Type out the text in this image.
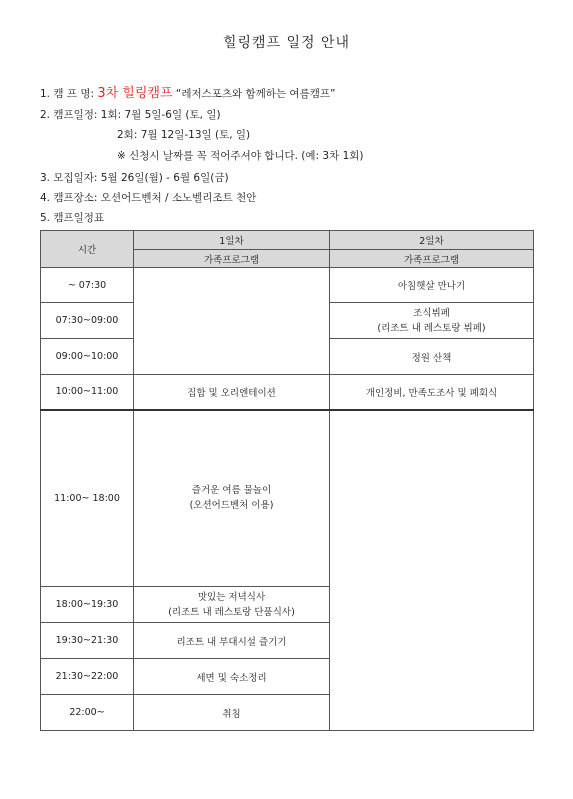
힐링캠프 일정 안내
1. 캠 프 명: 3차 힐링캠프 “레저스포츠와 함께하는 여름캠프”
2. 캠프일정: 1회: 7월 5일-6일 (토, 일)
2회: 7월 12일-13일 (토, 일)
※ 신청시 날짜를 꼭 적어주셔야 합니다. (예: 3차 1회)
3. 모집일자: 5월 26일(월) - 6월 6일(금)
4. 캠프장소: 오션어드벤처 / 소노벨리조트 천안
5. 캠프일정표
시간	1일차	2일차
	가족프로그램	가족프로그램
~ 07:30		아침햇살 만나기
07:30~09:00		조식뷔페
(리조트 내 레스토랑 뷔페)
09:00~10:00		정원 산책
10:00~11:00	집합 및 오리엔테이션	개인정비, 만족도조사 및 폐회식
11:00~ 18:00	즐거운 여름 물놀이
(오션어드벤처 이용)	
18:00~19:30	맛있는 저녁식사
(리조트 내 레스토랑 단품식사)	
19:30~21:30	리조트 내 부대시설 즐기기	
21:30~22:00	세면 및 숙소정리	
22:00~	취침	
